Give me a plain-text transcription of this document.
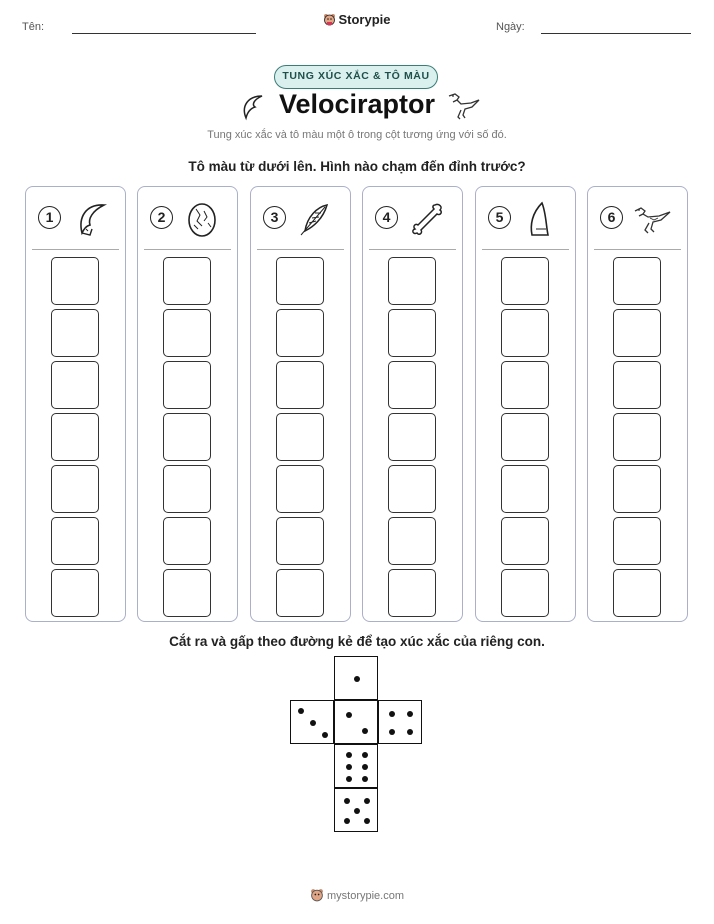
Tên:	Storypie	Ngày:
TUNG XÚC XẮC & TÔ MÀU
Velociraptor
Tung xúc xắc và tô màu một ô trong cột tương ứng với số đó.
Tô màu từ dưới lên. Hình nào chạm đến đỉnh trước?
1	2	3	4	5	6
Cắt ra và gấp theo đường kẻ để tạo xúc xắc của riêng con.
mystorypie.com
